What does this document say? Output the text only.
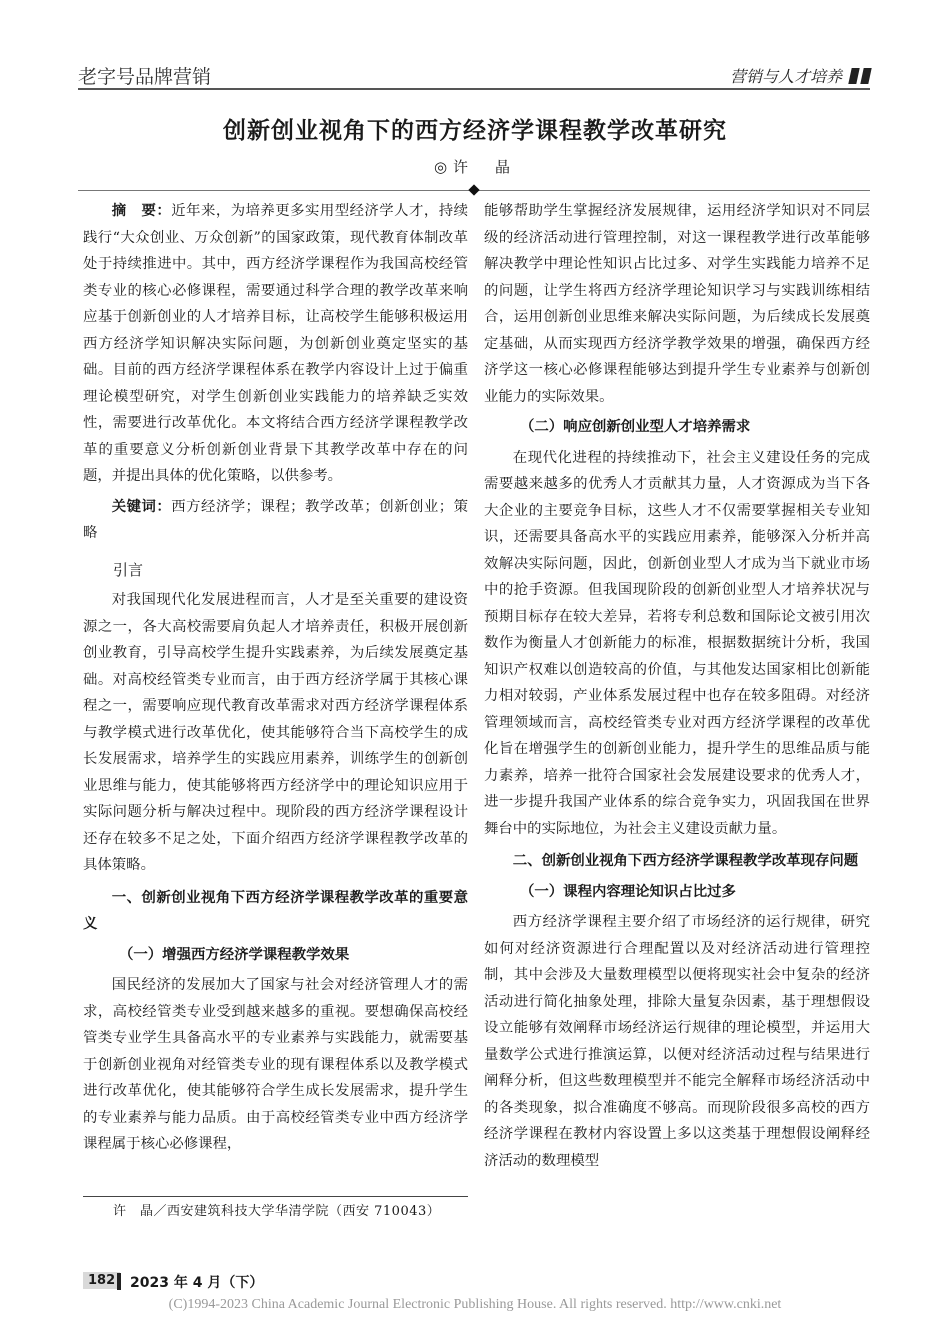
老字号品牌营销	营销与人才培养
创新创业视角下的西方经济学课程教学改革研究
◎许　晶

摘　要：近年来，为培养更多实用型经济学人才，持续践行“大众创业、万众创新”的国家政策，现代教育体制改革处于持续推进中。其中，西方经济学课程作为我国高校经管类专业的核心必修课程，需要通过科学合理的教学改革来响应基于创新创业的人才培养目标，让高校学生能够积极运用西方经济学知识解决实际问题，为创新创业奠定坚实的基础。目前的西方经济学课程体系在教学内容设计上过于偏重理论模型研究，对学生创新创业实践能力的培养缺乏实效性，需要进行改革优化。本文将结合西方经济学课程教学改革的重要意义分析创新创业背景下其教学改革中存在的问题，并提出具体的优化策略，以供参考。

关键词：西方经济学；课程；教学改革；创新创业；策略

引言

对我国现代化发展进程而言，人才是至关重要的建设资源之一，各大高校需要肩负起人才培养责任，积极开展创新创业教育，引导高校学生提升实践素养，为后续发展奠定基础。对高校经管类专业而言，由于西方经济学属于其核心课程之一，需要响应现代教育改革需求对西方经济学课程体系与教学模式进行改革优化，使其能够符合当下高校学生的成长发展需求，培养学生的实践应用素养，训练学生的创新创业思维与能力，使其能够将西方经济学中的理论知识应用于实际问题分析与解决过程中。现阶段的西方经济学课程设计还存在较多不足之处，下面介绍西方经济学课程教学改革的具体策略。

一、创新创业视角下西方经济学课程教学改革的重要意义
（一）增强西方经济学课程教学效果

国民经济的发展加大了国家与社会对经济管理人才的需求，高校经管类专业受到越来越多的重视。要想确保高校经管类专业学生具备高水平的专业素养与实践能力，就需要基于创新创业视角对经管类专业的现有课程体系以及教学模式进行改革优化，使其能够符合学生成长发展需求，提升学生的专业素养与能力品质。由于高校经管类专业中西方经济学课程属于核心必修课程，

许　晶／西安建筑科技大学华清学院（西安 710043）

能够帮助学生掌握经济发展规律，运用经济学知识对不同层级的经济活动进行管理控制，对这一课程教学进行改革能够解决教学中理论性知识占比过多、对学生实践能力培养不足的问题，让学生将西方经济学理论知识学习与实践训练相结合，运用创新创业思维来解决实际问题，为后续成长发展奠定基础，从而实现西方经济学教学效果的增强，确保西方经济学这一核心必修课程能够达到提升学生专业素养与创新创业能力的实际效果。

（二）响应创新创业型人才培养需求

在现代化进程的持续推动下，社会主义建设任务的完成需要越来越多的优秀人才贡献其力量，人才资源成为当下各大企业的主要竞争目标，这些人才不仅需要掌握相关专业知识，还需要具备高水平的实践应用素养，能够深入分析并高效解决实际问题，因此，创新创业型人才成为当下就业市场中的抢手资源。但我国现阶段的创新创业型人才培养状况与预期目标存在较大差异，若将专利总数和国际论文被引用次数作为衡量人才创新能力的标准，根据数据统计分析，我国知识产权难以创造较高的价值，与其他发达国家相比创新能力相对较弱，产业体系发展过程中也存在较多阻碍。对经济管理领域而言，高校经管类专业对西方经济学课程的改革优化旨在增强学生的创新创业能力，提升学生的思维品质与能力素养，培养一批符合国家社会发展建设要求的优秀人才，进一步提升我国产业体系的综合竞争实力，巩固我国在世界舞台中的实际地位，为社会主义建设贡献力量。

二、创新创业视角下西方经济学课程教学改革现存问题
（一）课程内容理论知识占比过多

西方经济学课程主要介绍了市场经济的运行规律，研究如何对经济资源进行合理配置以及对经济活动进行管理控制，其中会涉及大量数理模型以便将现实社会中复杂的经济活动进行简化抽象处理，排除大量复杂因素，基于理想假设设立能够有效阐释市场经济运行规律的理论模型，并运用大量数学公式进行推演运算，以便对经济活动过程与结果进行阐释分析，但这些数理模型并不能完全解释市场经济活动中的各类现象，拟合准确度不够高。而现阶段很多高校的西方经济学课程在教材内容设置上多以这类基于理想假设阐释经济活动的数理模型

182	2023 年 4 月（下）
(C)1994-2023 China Academic Journal Electronic Publishing House. All rights reserved. http://www.cnki.net
